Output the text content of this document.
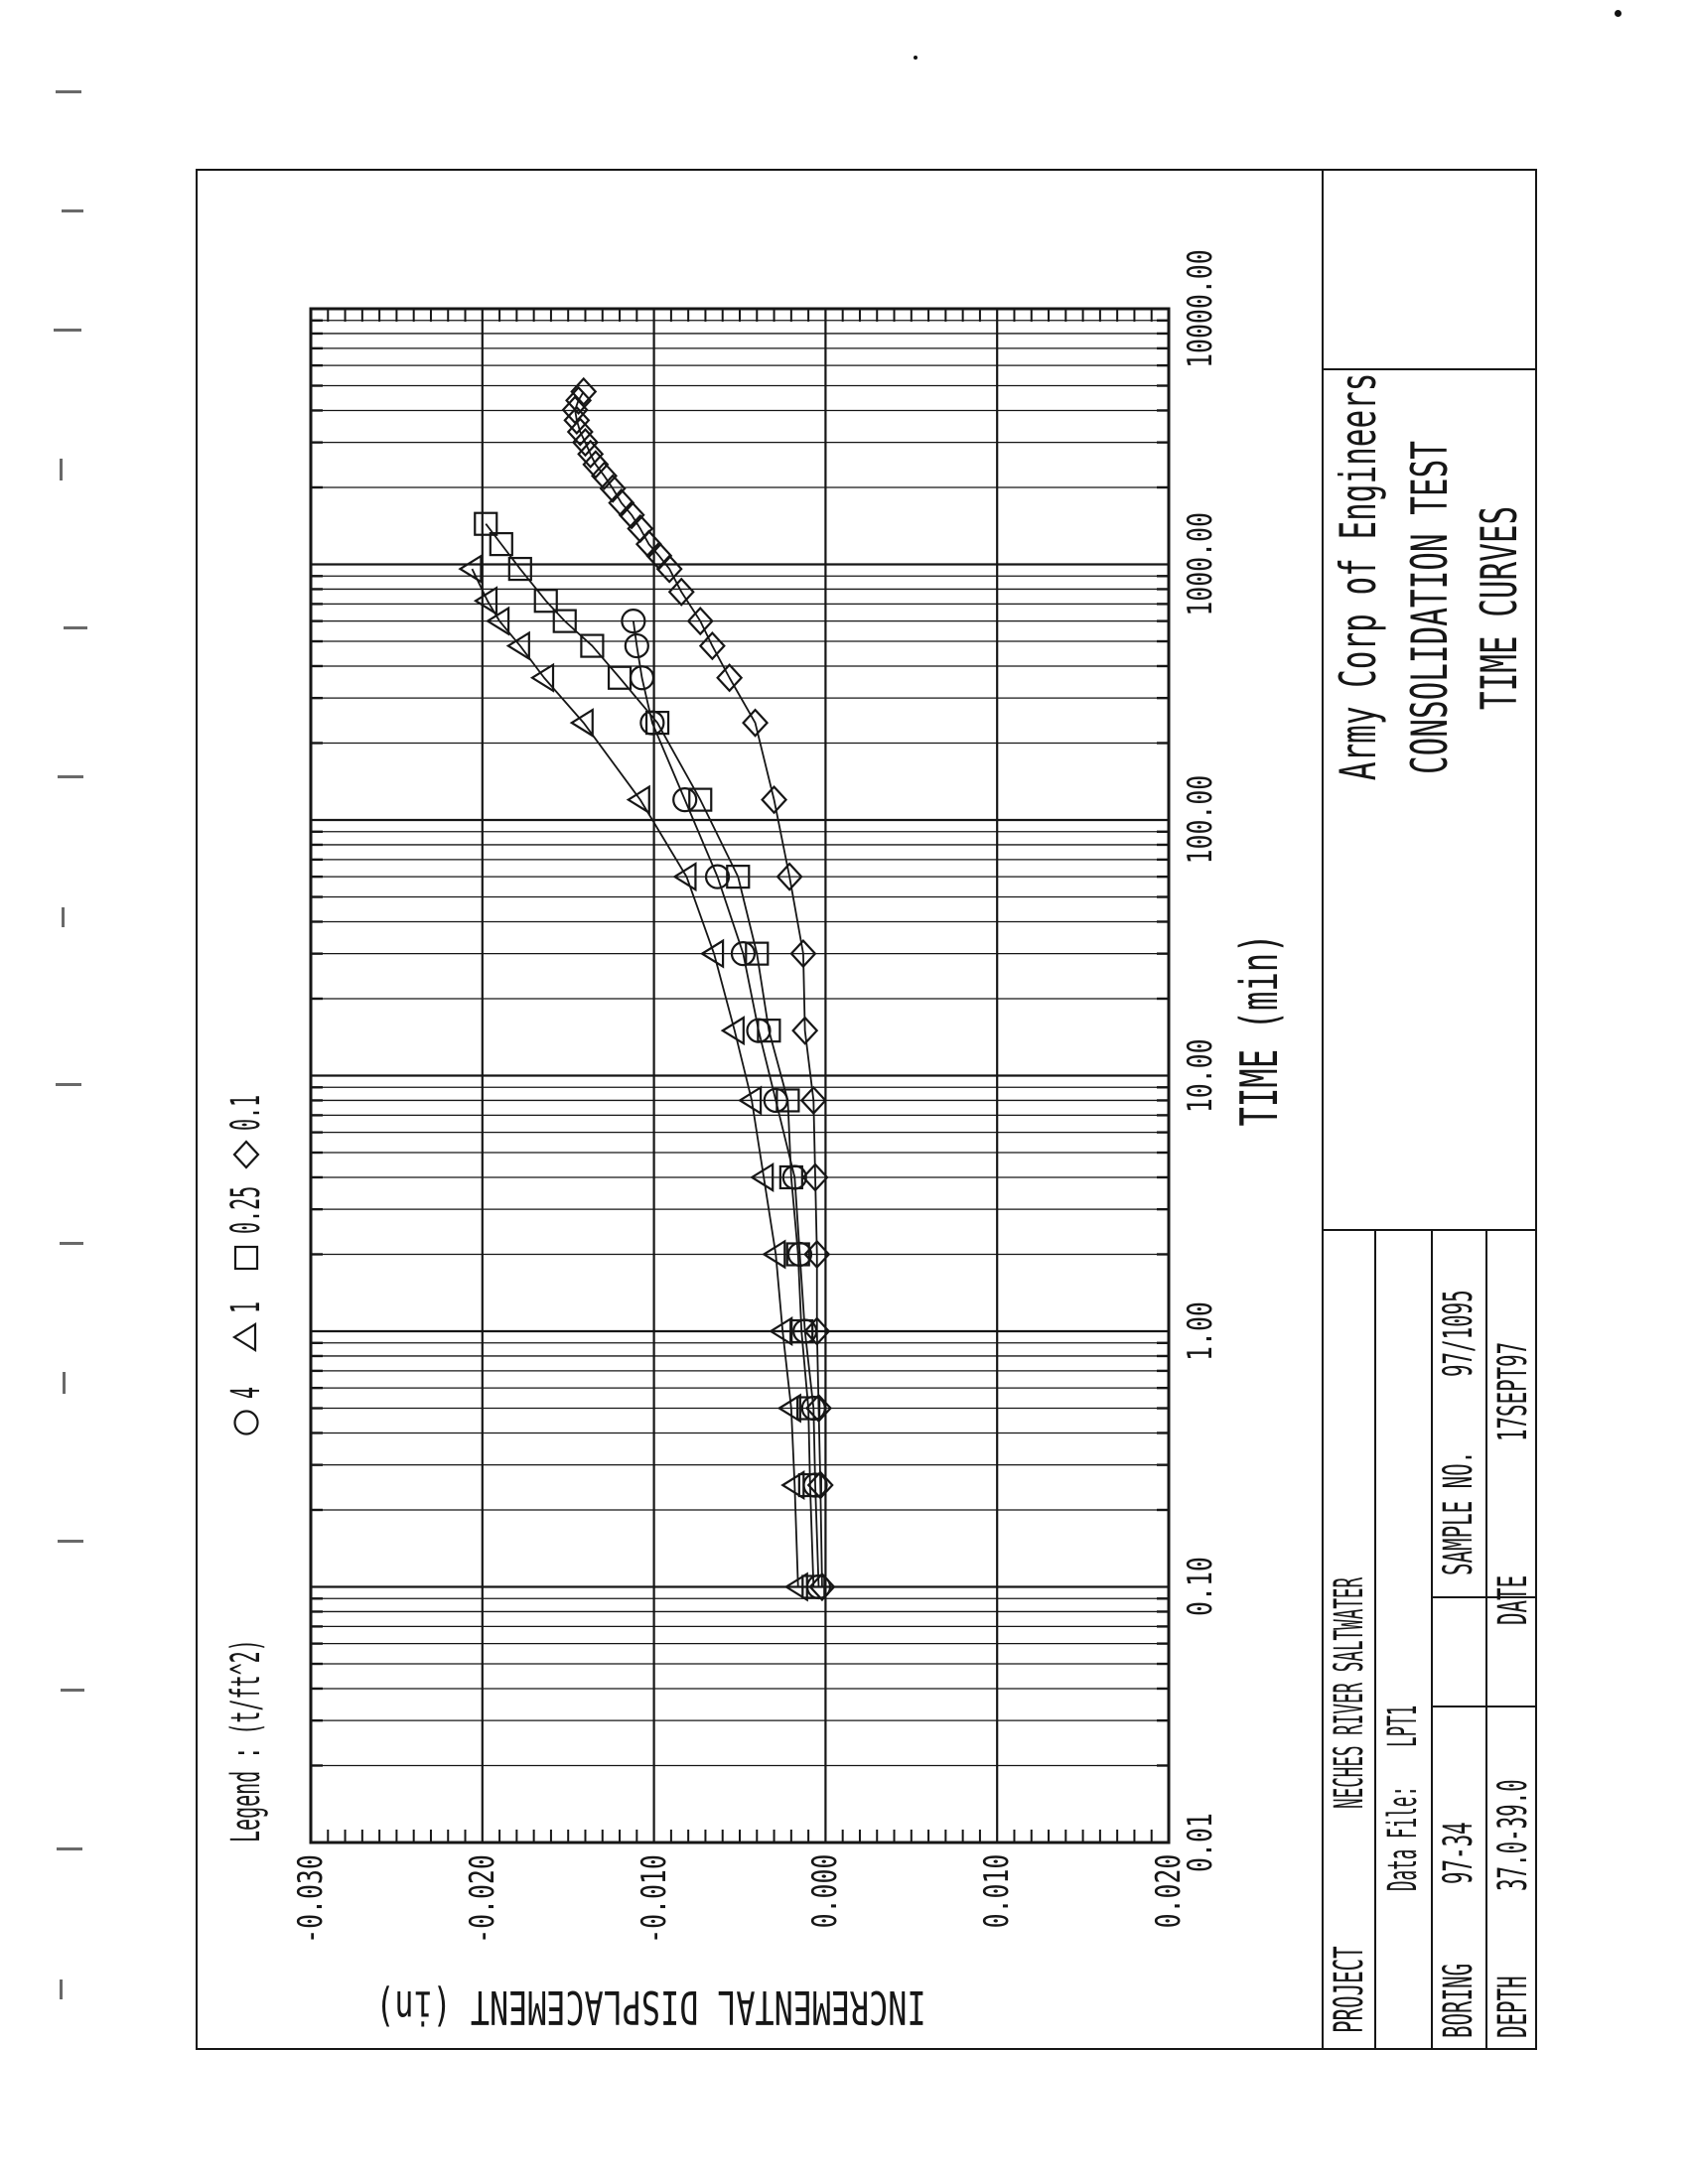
Legend : (t/ft^2)
4
1
0.25
0.1
0.01
0.10
1.00
10.00
100.00
1000.00
10000.00
TIME (min)
-0.030	-0.020	-0.010	0.000	0.010	0.020
INCREMENTAL DISPLACEMENT (in)
Army Corp of Engineers CONSOLIDATION TEST TIME CURVES
PROJECT
NECHES RIVER SALTWATER
Data File:
LPT1
BORING
97-34
SAMPLE NO.
97/1095
DEPTH
37.0-39.0
DATE
17SEPT97
